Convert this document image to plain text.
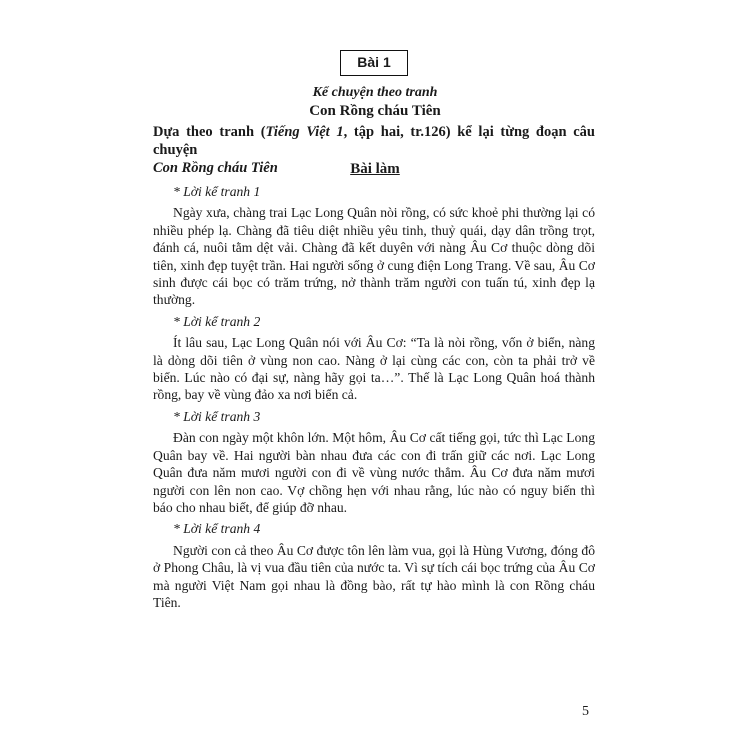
Bài 1
Kể chuyện theo tranh
Con Rồng cháu Tiên
Dựa theo tranh (Tiếng Việt 1, tập hai, tr.126) kể lại từng đoạn câu chuyện
Con Rồng cháu Tiên	Bài làm
* Lời kể tranh 1

Ngày xưa, chàng trai Lạc Long Quân nòi rồng, có sức khoẻ phi thường lại có nhiều phép lạ. Chàng đã tiêu diệt nhiều yêu tinh, thuỷ quái, dạy dân trồng trọt, đánh cá, nuôi tằm dệt vải. Chàng đã kết duyên với nàng Âu Cơ thuộc dòng dõi tiên, xinh đẹp tuyệt trần. Hai người sống ở cung điện Long Trang. Về sau, Âu Cơ sinh được cái bọc có trăm trứng, nở thành trăm người con tuấn tú, xinh đẹp lạ thường.

* Lời kể tranh 2

Ít lâu sau, Lạc Long Quân nói với Âu Cơ: “Ta là nòi rồng, vốn ở biển, nàng là dòng dõi tiên ở vùng non cao. Nàng ở lại cùng các con, còn ta phải trở về biển. Lúc nào có đại sự, nàng hãy gọi ta…”. Thế là Lạc Long Quân hoá thành rồng, bay về vùng đảo xa nơi biển cả.

* Lời kể tranh 3

Đàn con ngày một khôn lớn. Một hôm, Âu Cơ cất tiếng gọi, tức thì Lạc Long Quân bay về. Hai người bàn nhau đưa các con đi trấn giữ các nơi. Lạc Long Quân đưa năm mươi người con đi về vùng nước thẳm. Âu Cơ đưa năm mươi người con lên non cao. Vợ chồng hẹn với nhau rằng, lúc nào có nguy biến thì báo cho nhau biết, để giúp đỡ nhau.

* Lời kể tranh 4

Người con cả theo Âu Cơ được tôn lên làm vua, gọi là Hùng Vương, đóng đô ở Phong Châu, là vị vua đầu tiên của nước ta. Vì sự tích cái bọc trứng của Âu Cơ mà người Việt Nam gọi nhau là đồng bào, rất tự hào mình là con Rồng cháu Tiên.

5
